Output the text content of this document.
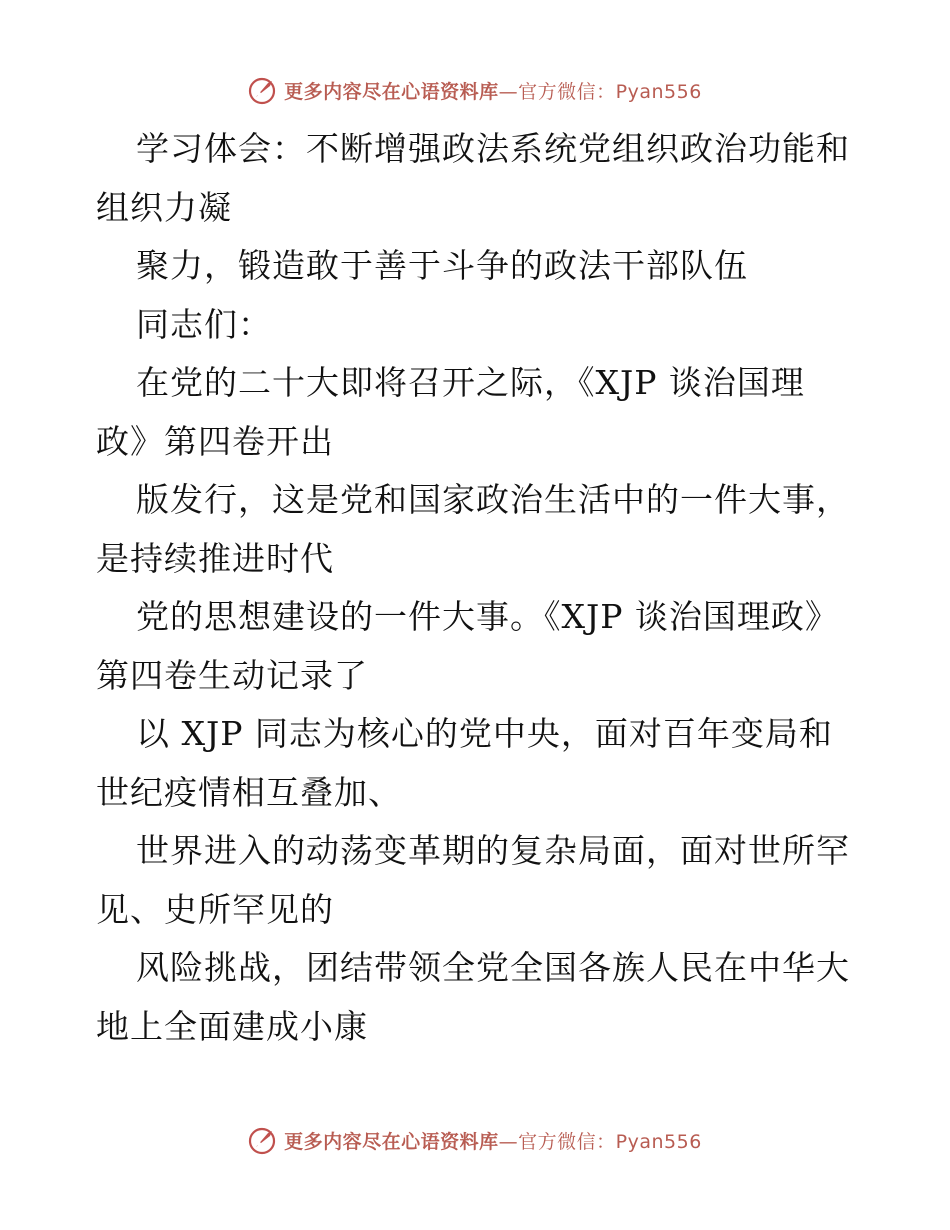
更多内容尽在心语资料库—官方微信：Pyan556
学习体会：不断增强政法系统党组织政治功能和
组织力凝
聚力，锻造敢于善于斗争的政法干部队伍
同志们：
在党的二十大即将召开之际，《XJP 谈治国理
政》第四卷开出
版发行，这是党和国家政治生活中的一件大事，
是持续推进时代
党的思想建设的一件大事。《XJP 谈治国理政》
第四卷生动记录了
以 XJP 同志为核心的党中央，面对百年变局和
世纪疫情相互叠加、
世界进入的动荡变革期的复杂局面，面对世所罕
见、史所罕见的
风险挑战，团结带领全党全国各族人民在中华大
地上全面建成小康
更多内容尽在心语资料库—官方微信：Pyan556
